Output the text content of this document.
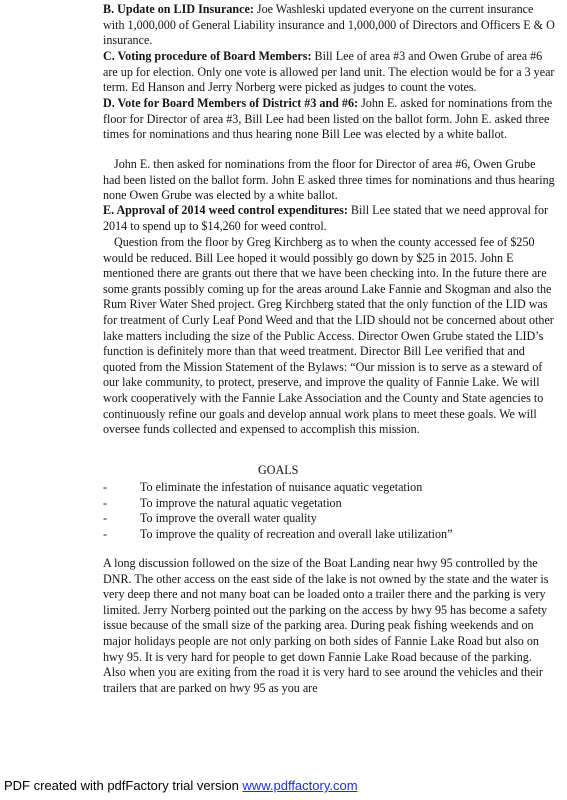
B. Update on LID Insurance: Joe Washleski updated everyone on the current insurance with 1,000,000 of General Liability insurance and 1,000,000 of Directors and Officers E & O insurance.

C. Voting procedure of Board Members: Bill Lee of area #3 and Owen Grube of area #6 are up for election. Only one vote is allowed per land unit. The election would be for a 3 year term. Ed Hanson and Jerry Norberg were picked as judges to count the votes.

D. Vote for Board Members of District #3 and #6: John E. asked for nominations from the floor for Director of area #3, Bill Lee had been listed on the ballot form. John E. asked three times for nominations and thus hearing none Bill Lee was elected by a white ballot.

John E. then asked for nominations from the floor for Director of area #6, Owen Grube had been listed on the ballot form. John E asked three times for nominations and thus hearing none Owen Grube was elected by a white ballot.

E. Approval of 2014 weed control expenditures: Bill Lee stated that we need approval for 2014 to spend up to $14,260 for weed control.

Question from the floor by Greg Kirchberg as to when the county accessed fee of $250 would be reduced. Bill Lee hoped it would possibly go down by $25 in 2015. John E mentioned there are grants out there that we have been checking into. In the future there are some grants possibly coming up for the areas around Lake Fannie and Skogman and also the Rum River Water Shed project. Greg Kirchberg stated that the only function of the LID was for treatment of Curly Leaf Pond Weed and that the LID should not be concerned about other lake matters including the size of the Public Access. Director Owen Grube stated the LID’s function is definitely more than that weed treatment. Director Bill Lee verified that and quoted from the Mission Statement of the Bylaws: “Our mission is to serve as a steward of our lake community, to protect, preserve, and improve the quality of Fannie Lake. We will work cooperatively with the Fannie Lake Association and the County and State agencies to continuously refine our goals and develop annual work plans to meet these goals. We will oversee funds collected and expensed to accomplish this mission.

GOALS

-	To eliminate the infestation of nuisance aquatic vegetation
-	To improve the natural aquatic vegetation
-	To improve the overall water quality
-	To improve the quality of recreation and overall lake utilization”

A long discussion followed on the size of the Boat Landing near hwy 95 controlled by the DNR. The other access on the east side of the lake is not owned by the state and the water is very deep there and not many boat can be loaded onto a trailer there and the parking is very limited. Jerry Norberg pointed out the parking on the access by hwy 95 has become a safety issue because of the small size of the parking area. During peak fishing weekends and on major holidays people are not only parking on both sides of Fannie Lake Road but also on hwy 95. It is very hard for people to get down Fannie Lake Road because of the parking. Also when you are exiting from the road it is very hard to see around the vehicles and their trailers that are parked on hwy 95 as you are

PDF created with pdfFactory trial version www.pdffactory.com
